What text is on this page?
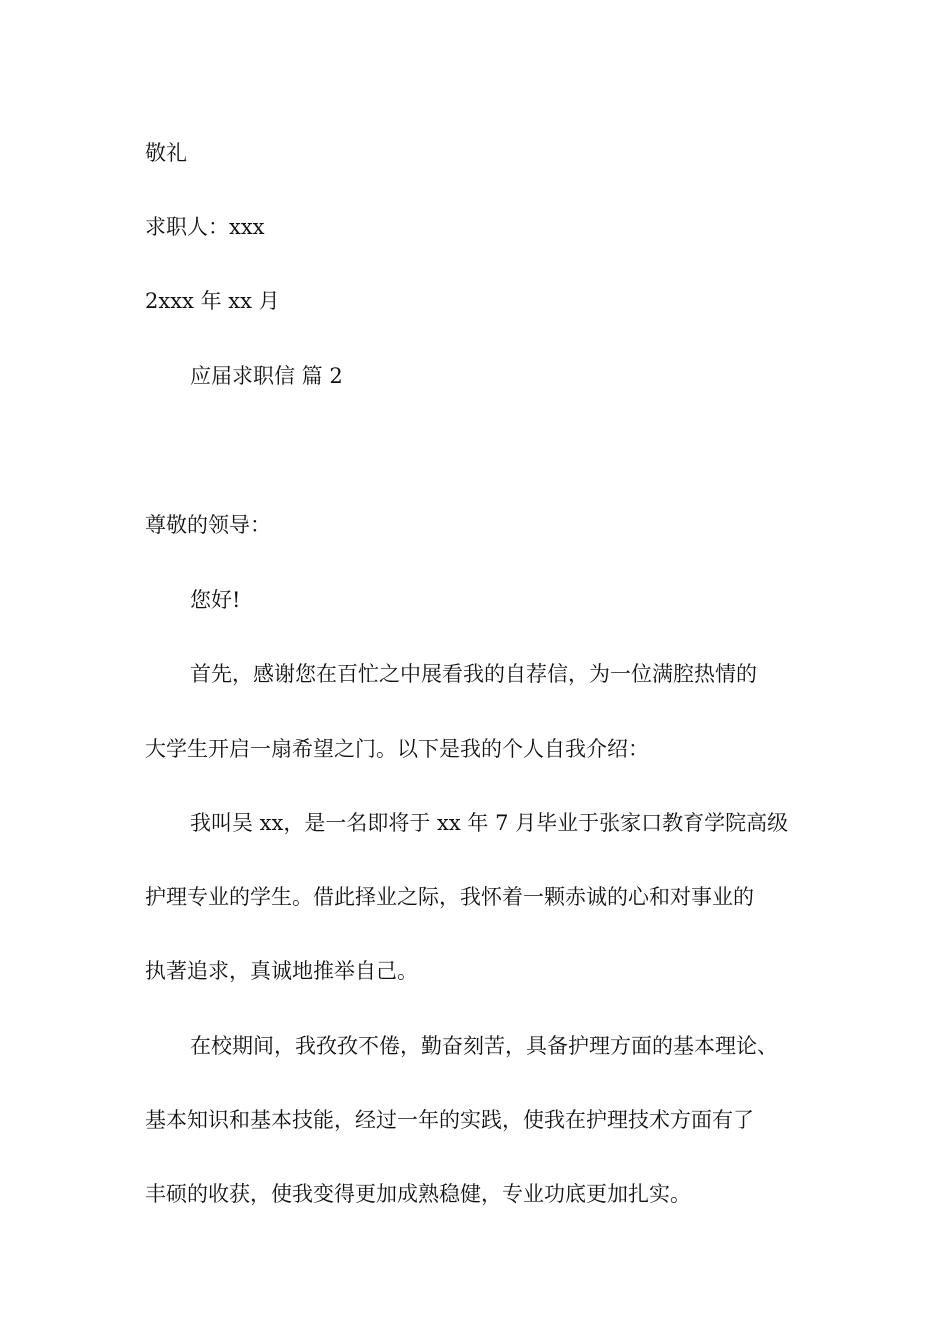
敬礼

求职人：xxx

2xxx 年 xx 月

应届求职信 篇 2

尊敬的领导：

您好!

首先，感谢您在百忙之中展看我的自荐信，为一位满腔热情的

大学生开启一扇希望之门。以下是我的个人自我介绍：

我叫吴 xx，是一名即将于 xx 年 7 月毕业于张家口教育学院高级

护理专业的学生。借此择业之际，我怀着一颗赤诚的心和对事业的

执著追求，真诚地推举自己。

在校期间，我孜孜不倦，勤奋刻苦，具备护理方面的基本理论、

基本知识和基本技能，经过一年的实践，使我在护理技术方面有了

丰硕的收获，使我变得更加成熟稳健，专业功底更加扎实。
